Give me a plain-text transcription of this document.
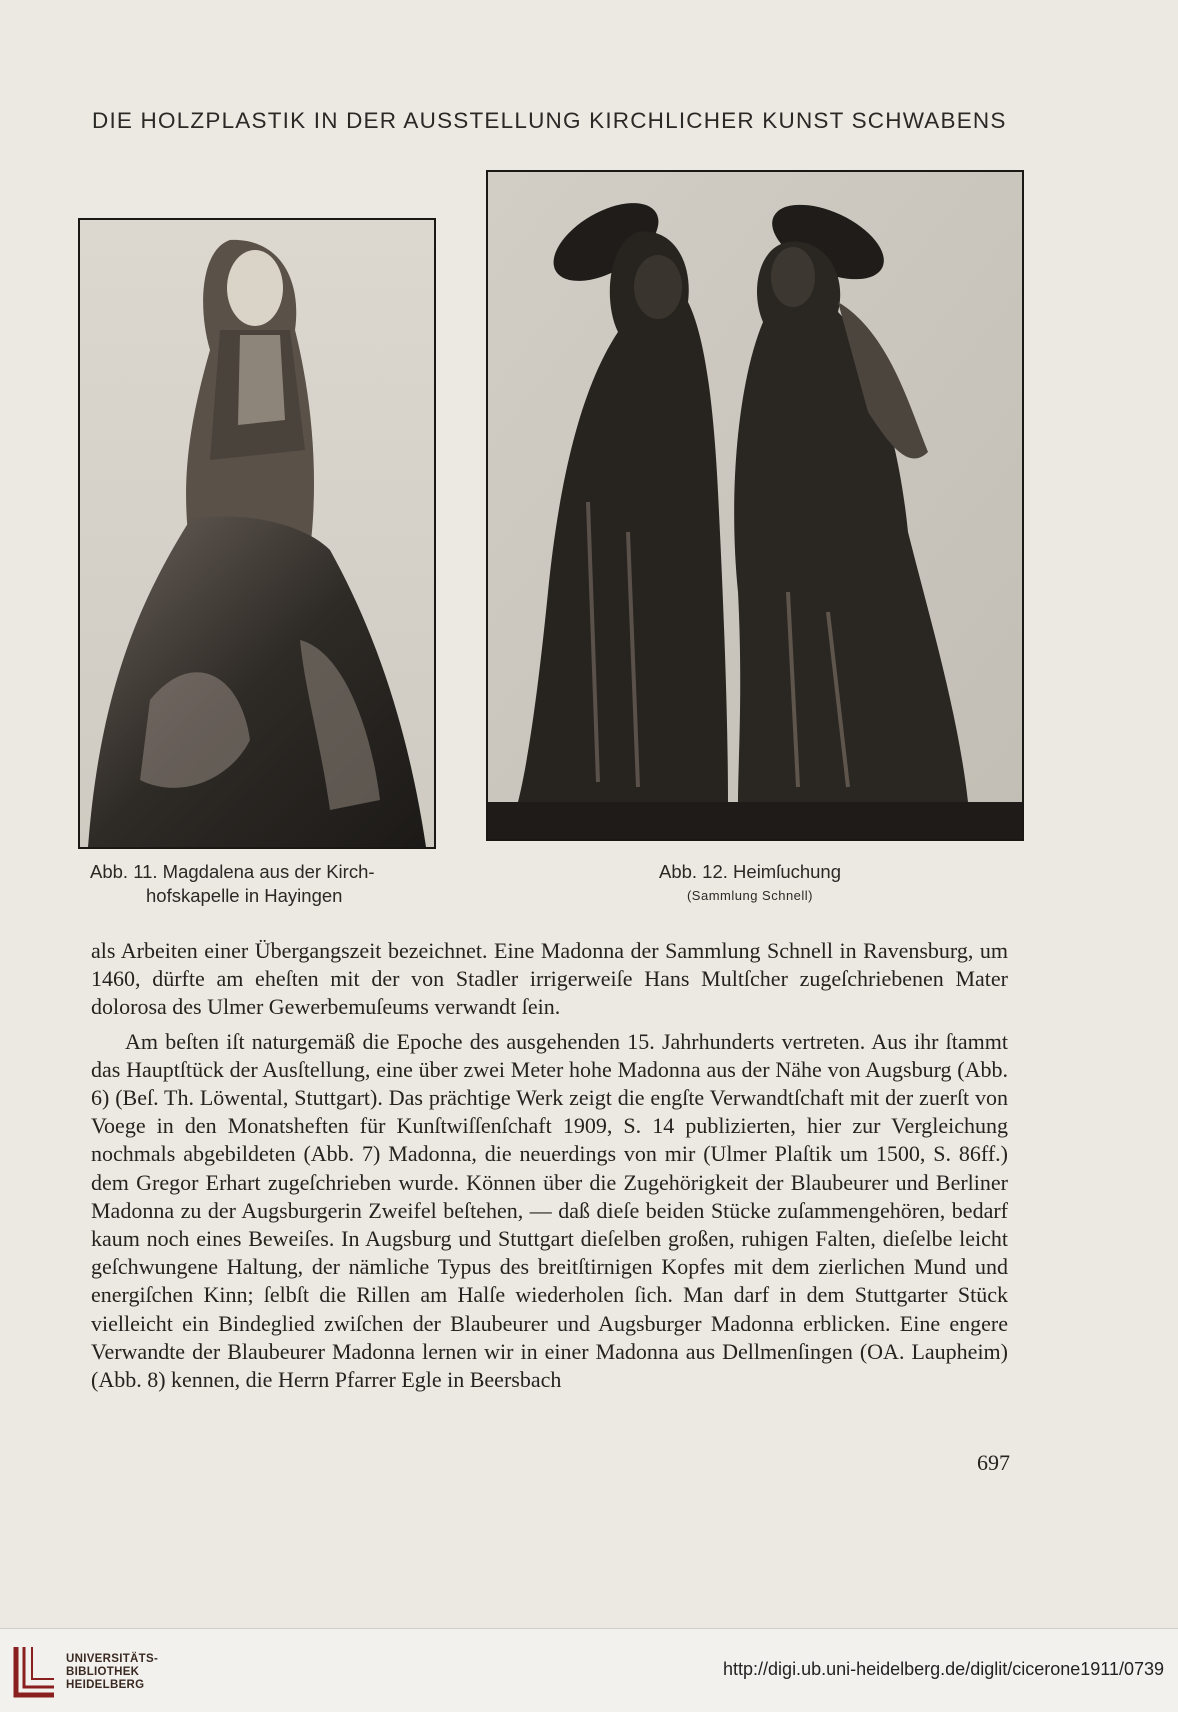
DIE HOLZPLASTIK IN DER AUSSTELLUNG KIRCHLICHER KUNST SCHWABENS
Abb. 11. Magdalena aus der Kirch-
hofskapelle in Hayingen
Abb. 12. Heimſuchung
(Sammlung Schnell)

als Arbeiten einer Übergangszeit bezeichnet. Eine Madonna der Sammlung Schnell in Ravensburg, um 1460, dürfte am eheſten mit der von Stadler irrigerweiſe Hans Multſcher zugeſchriebenen Mater dolorosa des Ulmer Gewerbemuſeums verwandt ſein.

Am beſten iſt naturgemäß die Epoche des ausgehenden 15. Jahrhunderts vertreten. Aus ihr ſtammt das Hauptſtück der Ausſtellung, eine über zwei Meter hohe Madonna aus der Nähe von Augsburg (Abb. 6) (Beſ. Th. Löwental, Stuttgart). Das prächtige Werk zeigt die engſte Verwandtſchaft mit der zuerſt von Voege in den Monatsheften für Kunſtwiſſenſchaft 1909, S. 14 publizierten, hier zur Vergleichung nochmals abgebildeten (Abb. 7) Madonna, die neuerdings von mir (Ulmer Plaſtik um 1500, S. 86ff.) dem Gregor Erhart zugeſchrieben wurde. Können über die Zugehörigkeit der Blaubeurer und Berliner Madonna zu der Augsburgerin Zweifel beſtehen, — daß dieſe beiden Stücke zuſammengehören, bedarf kaum noch eines Beweiſes. In Augsburg und Stuttgart dieſelben großen, ruhigen Falten, dieſelbe leicht geſchwungene Haltung, der nämliche Typus des breitſtirnigen Kopfes mit dem zierlichen Mund und energiſchen Kinn; ſelbſt die Rillen am Halſe wiederholen ſich. Man darf in dem Stuttgarter Stück vielleicht ein Bindeglied zwiſchen der Blaubeurer und Augsburger Madonna erblicken. Eine engere Verwandte der Blaubeurer Madonna lernen wir in einer Madonna aus Dellmenſingen (OA. Laupheim) (Abb. 8) kennen, die Herrn Pfarrer Egle in Beersbach

697
UNIVERSITÄTS-
BIBLIOTHEK
HEIDELBERG
http://digi.ub.uni-heidelberg.de/diglit/cicerone1911/0739
